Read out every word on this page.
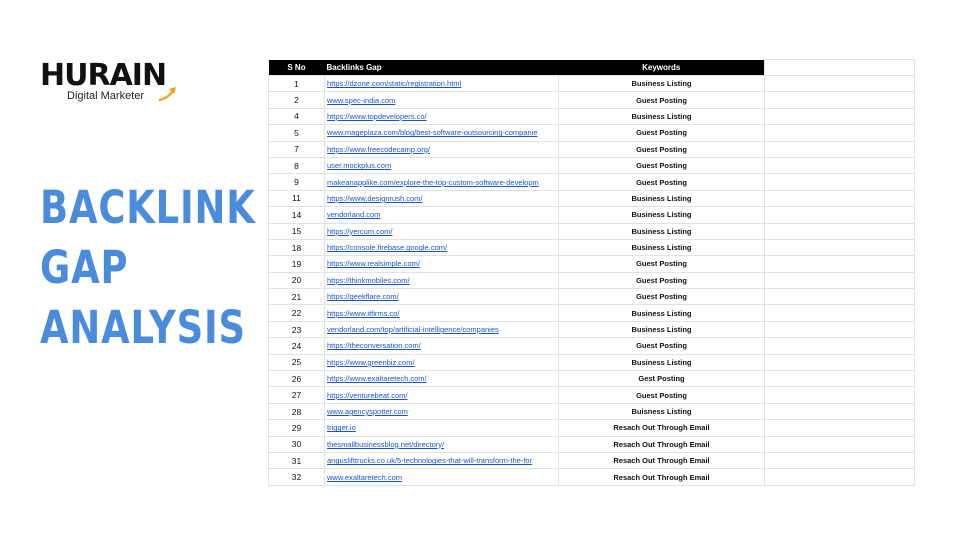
HURAIN
Digital Marketer
BACKLINK
GAP
ANALYSIS
S No	Backlinks Gap	Keywords	
1	https://dzone.com/static/registration.html	Business Listing	
2	www.spec-india.com	Guest Posting	
4	https://www.topdevelopers.co/	Business Listing	
5	www.mageplaza.com/blog/best-software-outsourcing-companie	Guest Posting	
7	https://www.freecodecamp.org/	Guest Posting	
8	user.mockplus.com	Guest Posting	
9	makeanapplike.com/explore-the-top-custom-software-developm	Guest Posting	
11	https://www.designrush.com/	Business Listing	
14	vendorland.com	Business Listing	
15	https://yercum.com/	Business Listing	
18	https://console.firebase.google.com/	Business Listing	
19	https://www.realsimple.com/	Guest Posting	
20	https://thinkmobiles.com/	Guest Posting	
21	https://geekflare.com/	Guest Posting	
22	https://www.itfirms.co/	Business Listing	
23	vendorland.com/top/artificial-intelligence/companies	Business Listing	
24	https://theconversation.com/	Guest Posting	
25	https://www.greenbiz.com/	Business Listing	
26	https://www.exaltaretech.com/	Gest Posting	
27	https://venturebeat.com/	Guest Posting	
28	www.agencyspotter.com	Buisness Listing	
29	trigger.io	Resach Out Through Email	
30	thesmallbusinessblog.net/directory/	Resach Out Through Email	
31	anguslifttrucks.co.uk/5-technologies-that-will-transform-the-for	Resach Out Through Email	
32	www.exaltaretech.com	Resach Out Through Email	
